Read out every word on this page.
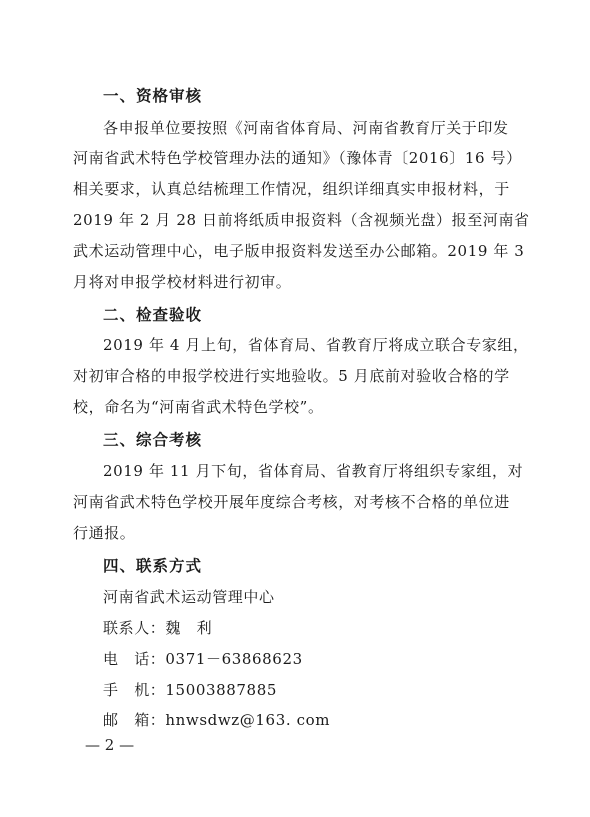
一、资格审核
各申报单位要按照《河南省体育局、河南省教育厅关于印发
河南省武术特色学校管理办法的通知》（豫体青〔2016〕16 号）
相关要求，认真总结梳理工作情况，组织详细真实申报材料，于
2019 年 2 月 28 日前将纸质申报资料（含视频光盘）报至河南省
武术运动管理中心，电子版申报资料发送至办公邮箱。2019 年 3
月将对申报学校材料进行初审。
二、检查验收
2019 年 4 月上旬，省体育局、省教育厅将成立联合专家组，
对初审合格的申报学校进行实地验收。5 月底前对验收合格的学
校，命名为“河南省武术特色学校”。
三、综合考核
2019 年 11 月下旬，省体育局、省教育厅将组织专家组，对
河南省武术特色学校开展年度综合考核，对考核不合格的单位进
行通报。
四、联系方式
河南省武术运动管理中心
联系人：魏　利
电　话：0371－63868623
手　机：15003887885
邮　箱：hnwsdwz@163. com
— 2 —
